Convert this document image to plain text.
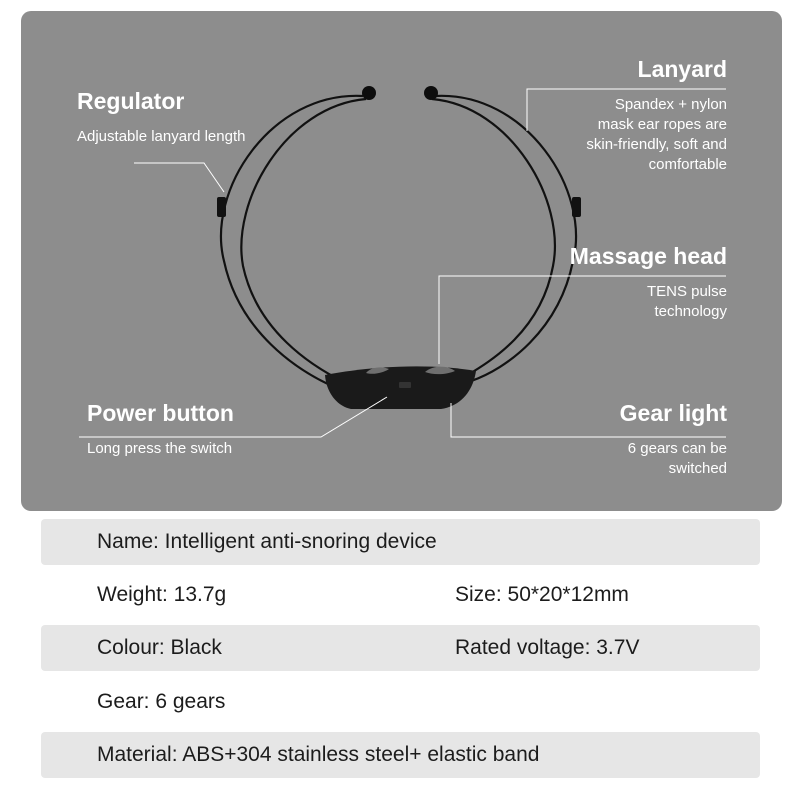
Regulator
Adjustable lanyard length
Lanyard
Spandex + nylon
mask ear ropes are
skin-friendly, soft and
comfortable
Massage head
TENS pulse
technology
Power button
Long press the switch
Gear light
6 gears can be
switched
Name: Intelligent anti-snoring device
Weight: 13.7g	Size: 50*20*12mm
Colour: Black	Rated voltage: 3.7V
Gear: 6 gears
Material: ABS+304 stainless steel+ elastic band
